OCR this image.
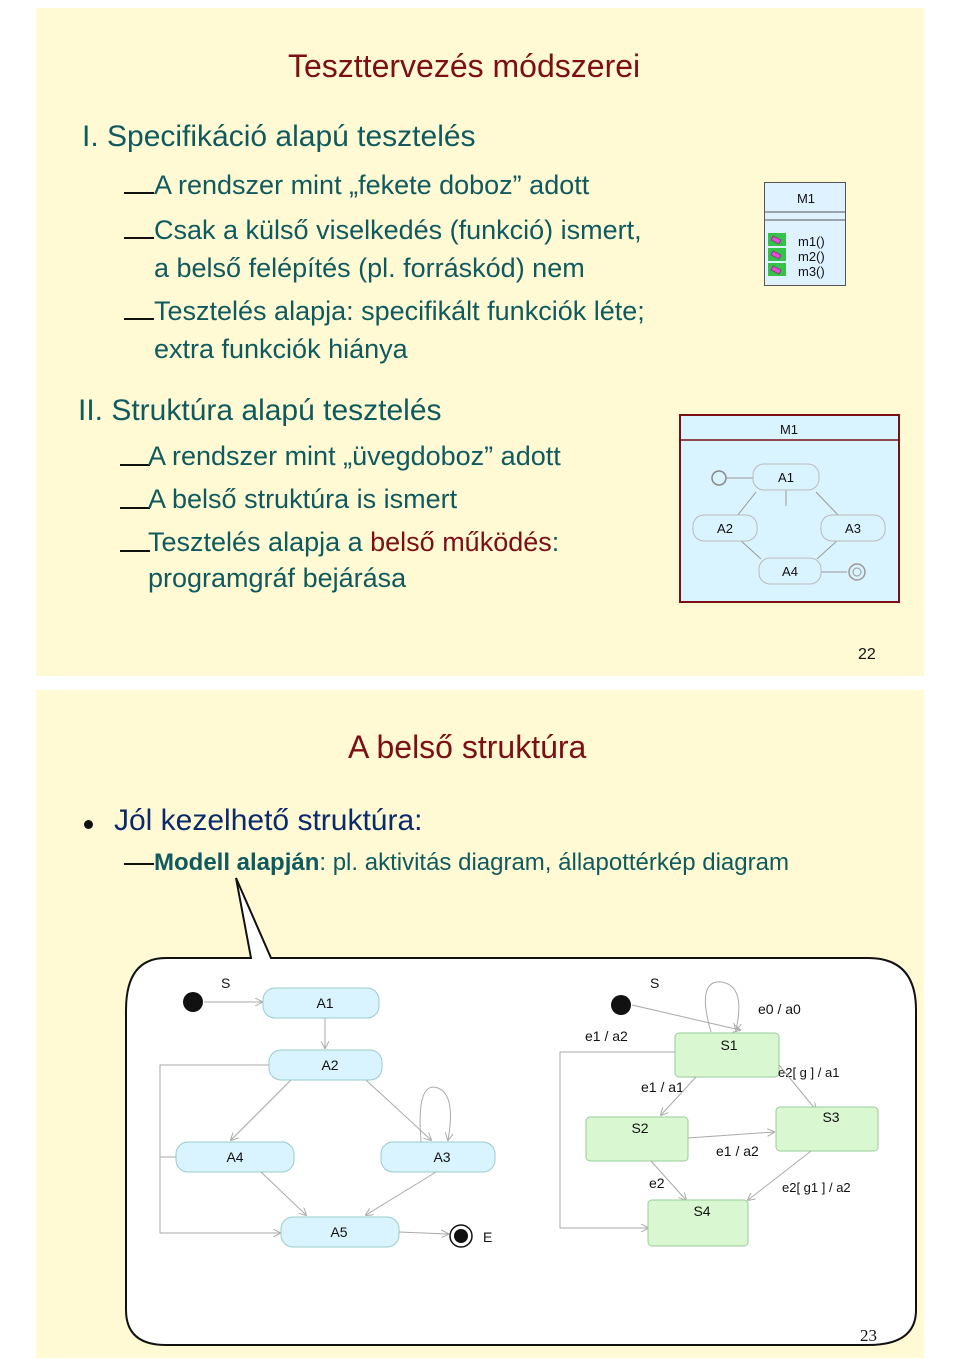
Teszttervezés módszerei
I. Specifikáció alapú tesztelés
A rendszer mint „fekete doboz” adott
Csak a külső viselkedés (funkció) ismert,
a belső felépítés (pl. forráskód) nem
Tesztelés alapja: specifikált funkciók léte;
extra funkciók hiánya
II. Struktúra alapú tesztelés
A rendszer mint „üvegdoboz” adott
A belső struktúra is ismert
Tesztelés alapja a belső működés:
programgráf bejárása
M1
m1()
m2()
m3()
M1
A1
A2	A3
A4
22
A belső struktúra
Jól kezelhető struktúra:
Modell alapján: pl. aktivitás diagram, állapottérkép diagram
S
A1
A2
A4	A3
A5	E
S
e0 / a0
S1
e1 / a2
e1 / a1
e2[ g ] / a1
S2
S3
e1 / a2
e2	e2[ g1 ] / a2
S4
23
